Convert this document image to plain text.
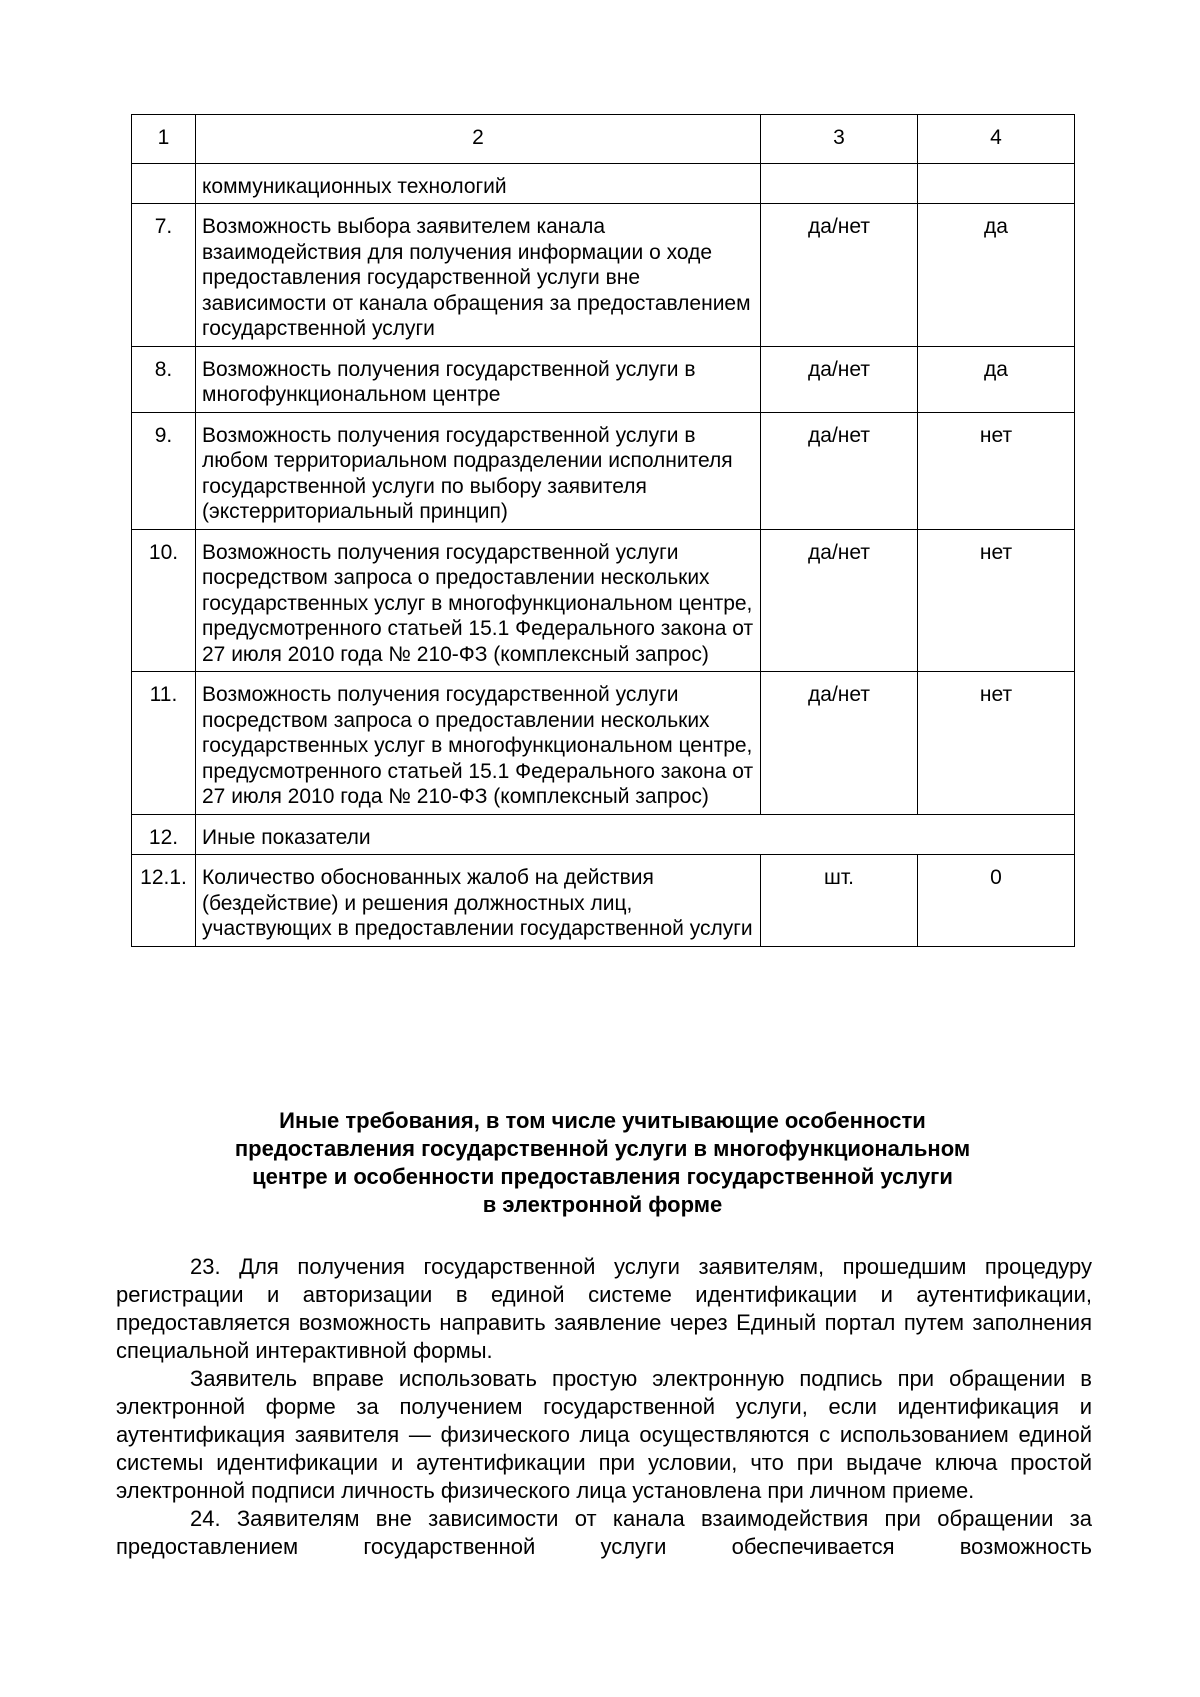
1	2	3	4
	коммуникационных технологий		
7.	Возможность выбора заявителем канала взаимодействия для получения информации о ходе предоставления государственной услуги вне зависимости от канала обращения за предоставлением государственной услуги	да/нет	да
8.	Возможность получения государственной услуги в многофункциональном центре	да/нет	да
9.	Возможность получения государственной услуги в любом территориальном подразделении исполнителя государственной услуги по выбору заявителя (экстерриториальный принцип)	да/нет	нет
10.	Возможность получения государственной услуги посредством запроса о предоставлении нескольких государственных услуг в многофункциональном центре, предусмотренного статьей 15.1 Федерального закона от 27 июля 2010 года № 210-ФЗ (комплексный запрос)	да/нет	нет
11.	Возможность получения государственной услуги посредством запроса о предоставлении нескольких государственных услуг в многофункциональном центре, предусмотренного статьей 15.1 Федерального закона от 27 июля 2010 года № 210-ФЗ (комплексный запрос)	да/нет	нет
12.	Иные показатели		
12.1.	Количество обоснованных жалоб на действия (бездействие) и решения должностных лиц, участвующих в предоставлении государственной услуги	шт.	0
Иные требования, в том числе учитывающие особенности
предоставления государственной услуги в многофункциональном
центре и особенности предоставления государственной услуги
в электронной форме

23. Для получения государственной услуги заявителям, прошедшим процедуру регистрации и авторизации в единой системе идентификации и аутентификации, предоставляется возможность направить заявление через Единый портал путем заполнения специальной интерактивной формы.

Заявитель вправе использовать простую электронную подпись при обращении в электронной форме за получением государственной услуги, если идентификация и аутентификация заявителя — физического лица осуществляются с использованием единой системы идентификации и аутентификации при условии, что при выдаче ключа простой электронной подписи личность физического лица установлена при личном приеме.

24. Заявителям вне зависимости от канала взаимодействия при обращении за предоставлением государственной услуги обеспечивается возможность
